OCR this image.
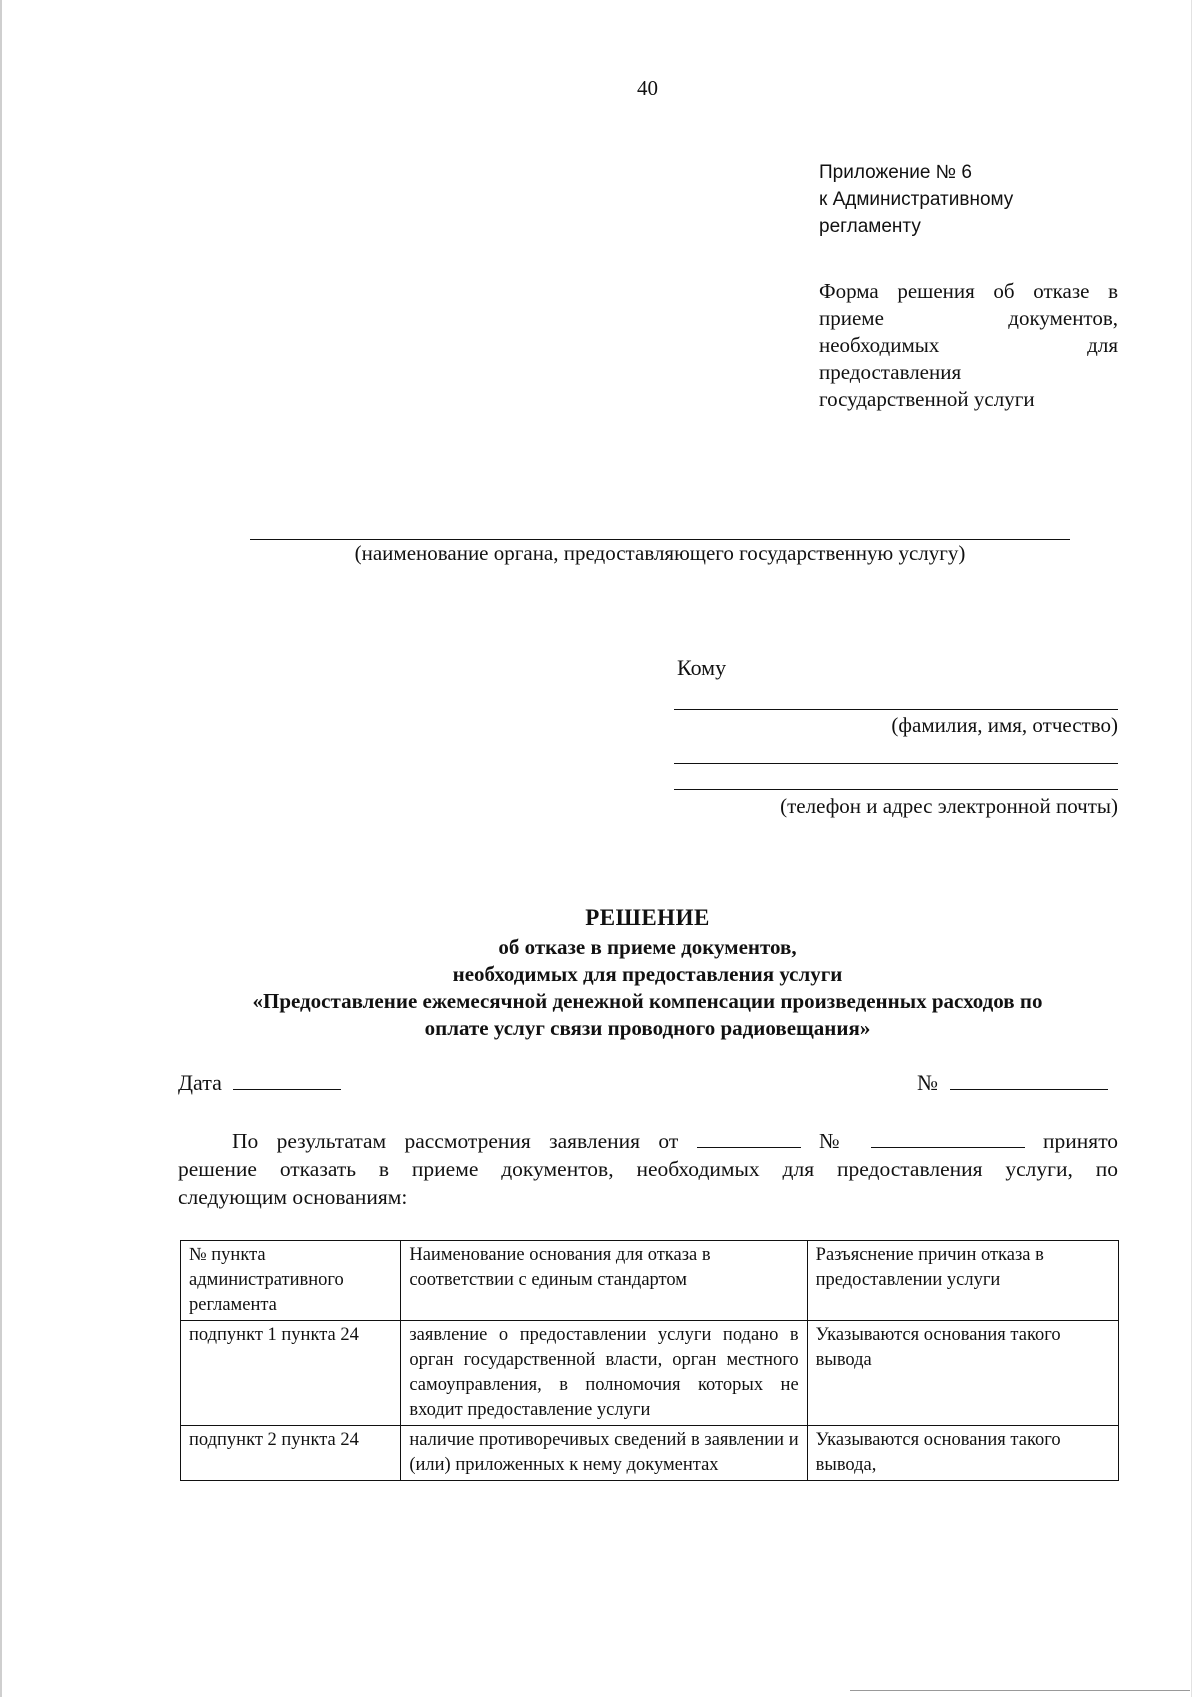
40
Приложение № 6
к Административному
регламенту
Форма решения об отказе в
приеме документов,
необходимых для
предоставления
государственной услуги
(наименование органа, предоставляющего государственную услугу)
Кому
(фамилия, имя, отчество)
(телефон и адрес электронной почты)
РЕШЕНИЕ
об отказе в приеме документов,
необходимых для предоставления услуги
«Предоставление ежемесячной денежной компенсации произведенных расходов по
оплате услуг связи проводного радиовещания»
Дата	№
По результатам рассмотрения заявления от	№	принято
решение отказать в приеме документов, необходимых для предоставления услуги, по
следующим основаниям:
№ пункта административного регламента	Наименование основания для отказа в соответствии с единым стандартом	Разъяснение причин отказа в предоставлении услуги
подпункт 1 пункта 24	заявление о предоставлении услуги подано в орган государственной власти, орган местного самоуправления, в полномочия которых не входит предоставление услуги	Указываются основания такого вывода
подпункт 2 пункта 24	наличие противоречивых сведений в заявлении и (или) приложенных к нему документах	Указываются основания такого вывода,
